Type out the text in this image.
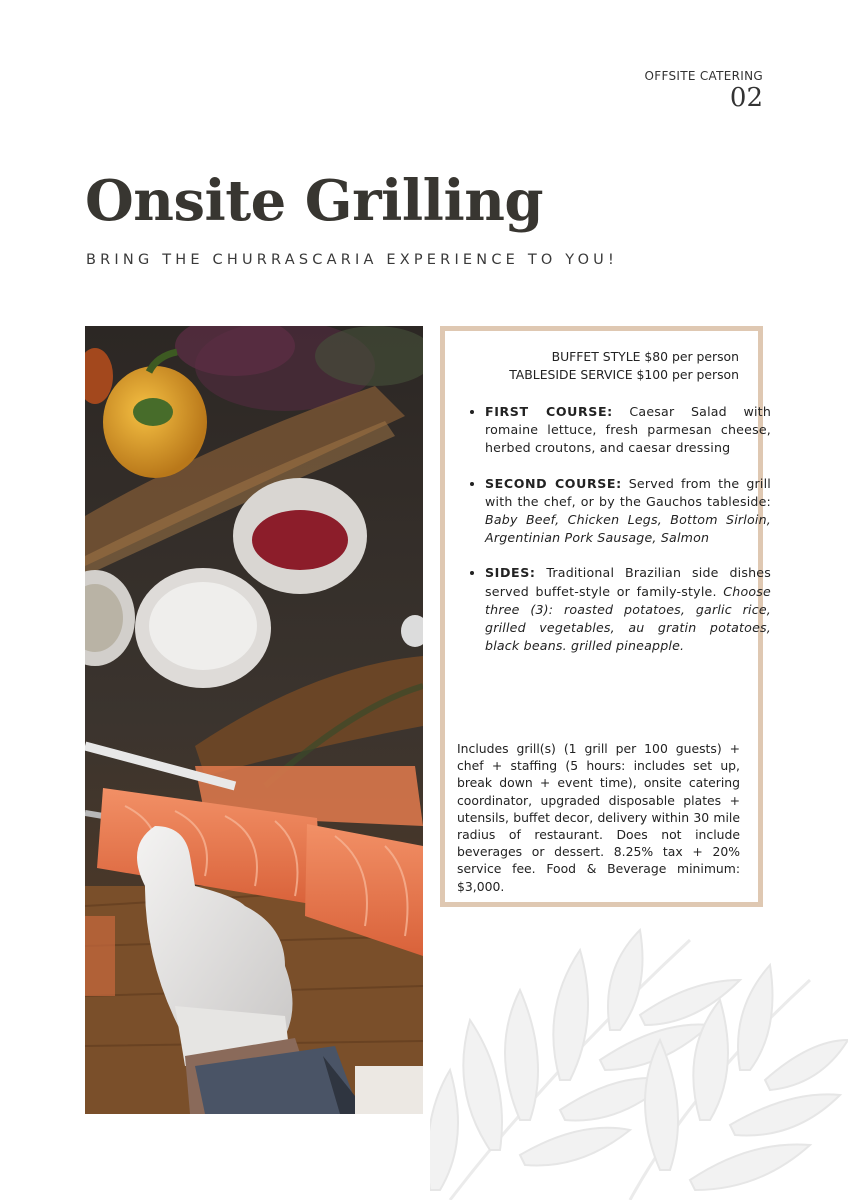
OFFSITE CATERING
02
Onsite Grilling
BRING THE CHURRASCARIA EXPERIENCE TO YOU!
BUFFET STYLE $80 per person
TABLESIDE SERVICE $100 per person
• FIRST COURSE: Caesar Salad with romaine lettuce, fresh parmesan cheese, herbed croutons, and caesar dressing
• SECOND COURSE: Served from the grill with the chef, or by the Gauchos tableside: Baby Beef, Chicken Legs, Bottom Sirloin, Argentinian Pork Sausage, Salmon
• SIDES: Traditional Brazilian side dishes served buffet-style or family-style. Choose three (3): roasted potatoes, garlic rice, grilled vegetables, au gratin potatoes, black beans. grilled pineapple.
Includes grill(s) (1 grill per 100 guests) + chef + staffing (5 hours: includes set up, break down + event time), onsite catering coordinator, upgraded disposable plates + utensils, buffet decor, delivery within 30 mile radius of restaurant. Does not include beverages or dessert. 8.25% tax + 20% service fee. Food & Beverage minimum: $3,000.
